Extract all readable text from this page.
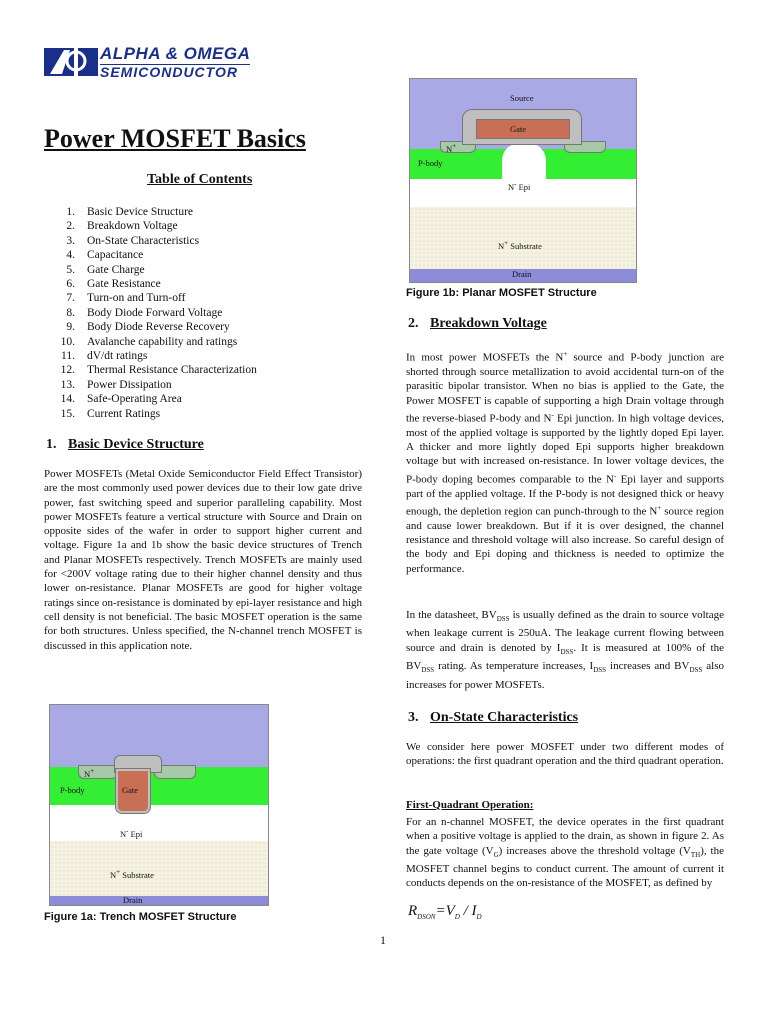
ALPHA & OMEGA
SEMICONDUCTOR
Power MOSFET Basics
Table of Contents
1.	Basic Device Structure
2.	Breakdown Voltage
3.	On-State Characteristics
4.	Capacitance
5.	Gate Charge
6.	Gate Resistance
7.	Turn-on and Turn-off
8.	Body Diode Forward Voltage
9.	Body Diode Reverse Recovery
10.	Avalanche capability and ratings
11.	dV/dt ratings
12.	Thermal Resistance Characterization
13.	Power Dissipation
14.	Safe-Operating Area
15.	Current Ratings
1. Basic Device Structure
Power MOSFETs (Metal Oxide Semiconductor Field Effect Transistor) are the most commonly used power devices due to their low gate drive power, fast switching speed and superior paralleling capability. Most power MOSFETs feature a vertical structure with Source and Drain on opposite sides of the wafer in order to support higher current and voltage. Figure 1a and 1b show the basic device structures of Trench and Planar MOSFETs respectively. Trench MOSFETs are mainly used for <200V voltage rating due to their higher channel density and thus lower on-resistance. Planar MOSFETs are good for higher voltage ratings since on-resistance is dominated by epi-layer resistance and high cell density is not beneficial. The basic MOSFET operation is the same for both structures. Unless specified, the N-channel trench MOSFET is discussed in this application note.
N+
P-body	Gate
N- Epi
N+ Substrate
Drain
Figure 1a: Trench MOSFET Structure
Source
Gate
N+
P-body
N- Epi
N+ Substrate
Drain
Figure 1b: Planar MOSFET Structure
2. Breakdown Voltage
In most power MOSFETs the N+ source and P-body junction are shorted through source metallization to avoid accidental turn-on of the parasitic bipolar transistor. When no bias is applied to the Gate, the Power MOSFET is capable of supporting a high Drain voltage through the reverse-biased P-body and N- Epi junction. In high voltage devices, most of the applied voltage is supported by the lightly doped Epi layer. A thicker and more lightly doped Epi supports higher breakdown voltage but with increased on-resistance. In lower voltage devices, the P-body doping becomes comparable to the N- Epi layer and supports part of the applied voltage. If the P-body is not designed thick or heavy enough, the depletion region can punch-through to the N+ source region and cause lower breakdown. But if it is over designed, the channel resistance and threshold voltage will also increase. So careful design of the body and Epi doping and thickness is needed to optimize the performance.
In the datasheet, $BV_{DSS}$ is usually defined as the drain to source voltage when leakage current is 250uA. The leakage current flowing between source and drain is denoted by $I_{DSS}$. It is measured at 100% of the $BV_{DSS}$ rating. As temperature increases, $I_{DSS}$ increases and $BV_{DSS}$ also increases for power MOSFETs.
3. On-State Characteristics
We consider here power MOSFET under two different modes of operations: the first quadrant operation and the third quadrant operation.
First-Quadrant Operation:
For an n-channel MOSFET, the device operates in the first quadrant when a positive voltage is applied to the drain, as shown in figure 2. As the gate voltage $(V_G)$ increases above the threshold voltage $(V_{TH})$, the MOSFET channel begins to conduct current. The amount of current it conducts depends on the on-resistance of the MOSFET, as defined by
$R_{DSON}=V_D / I_D$
1
